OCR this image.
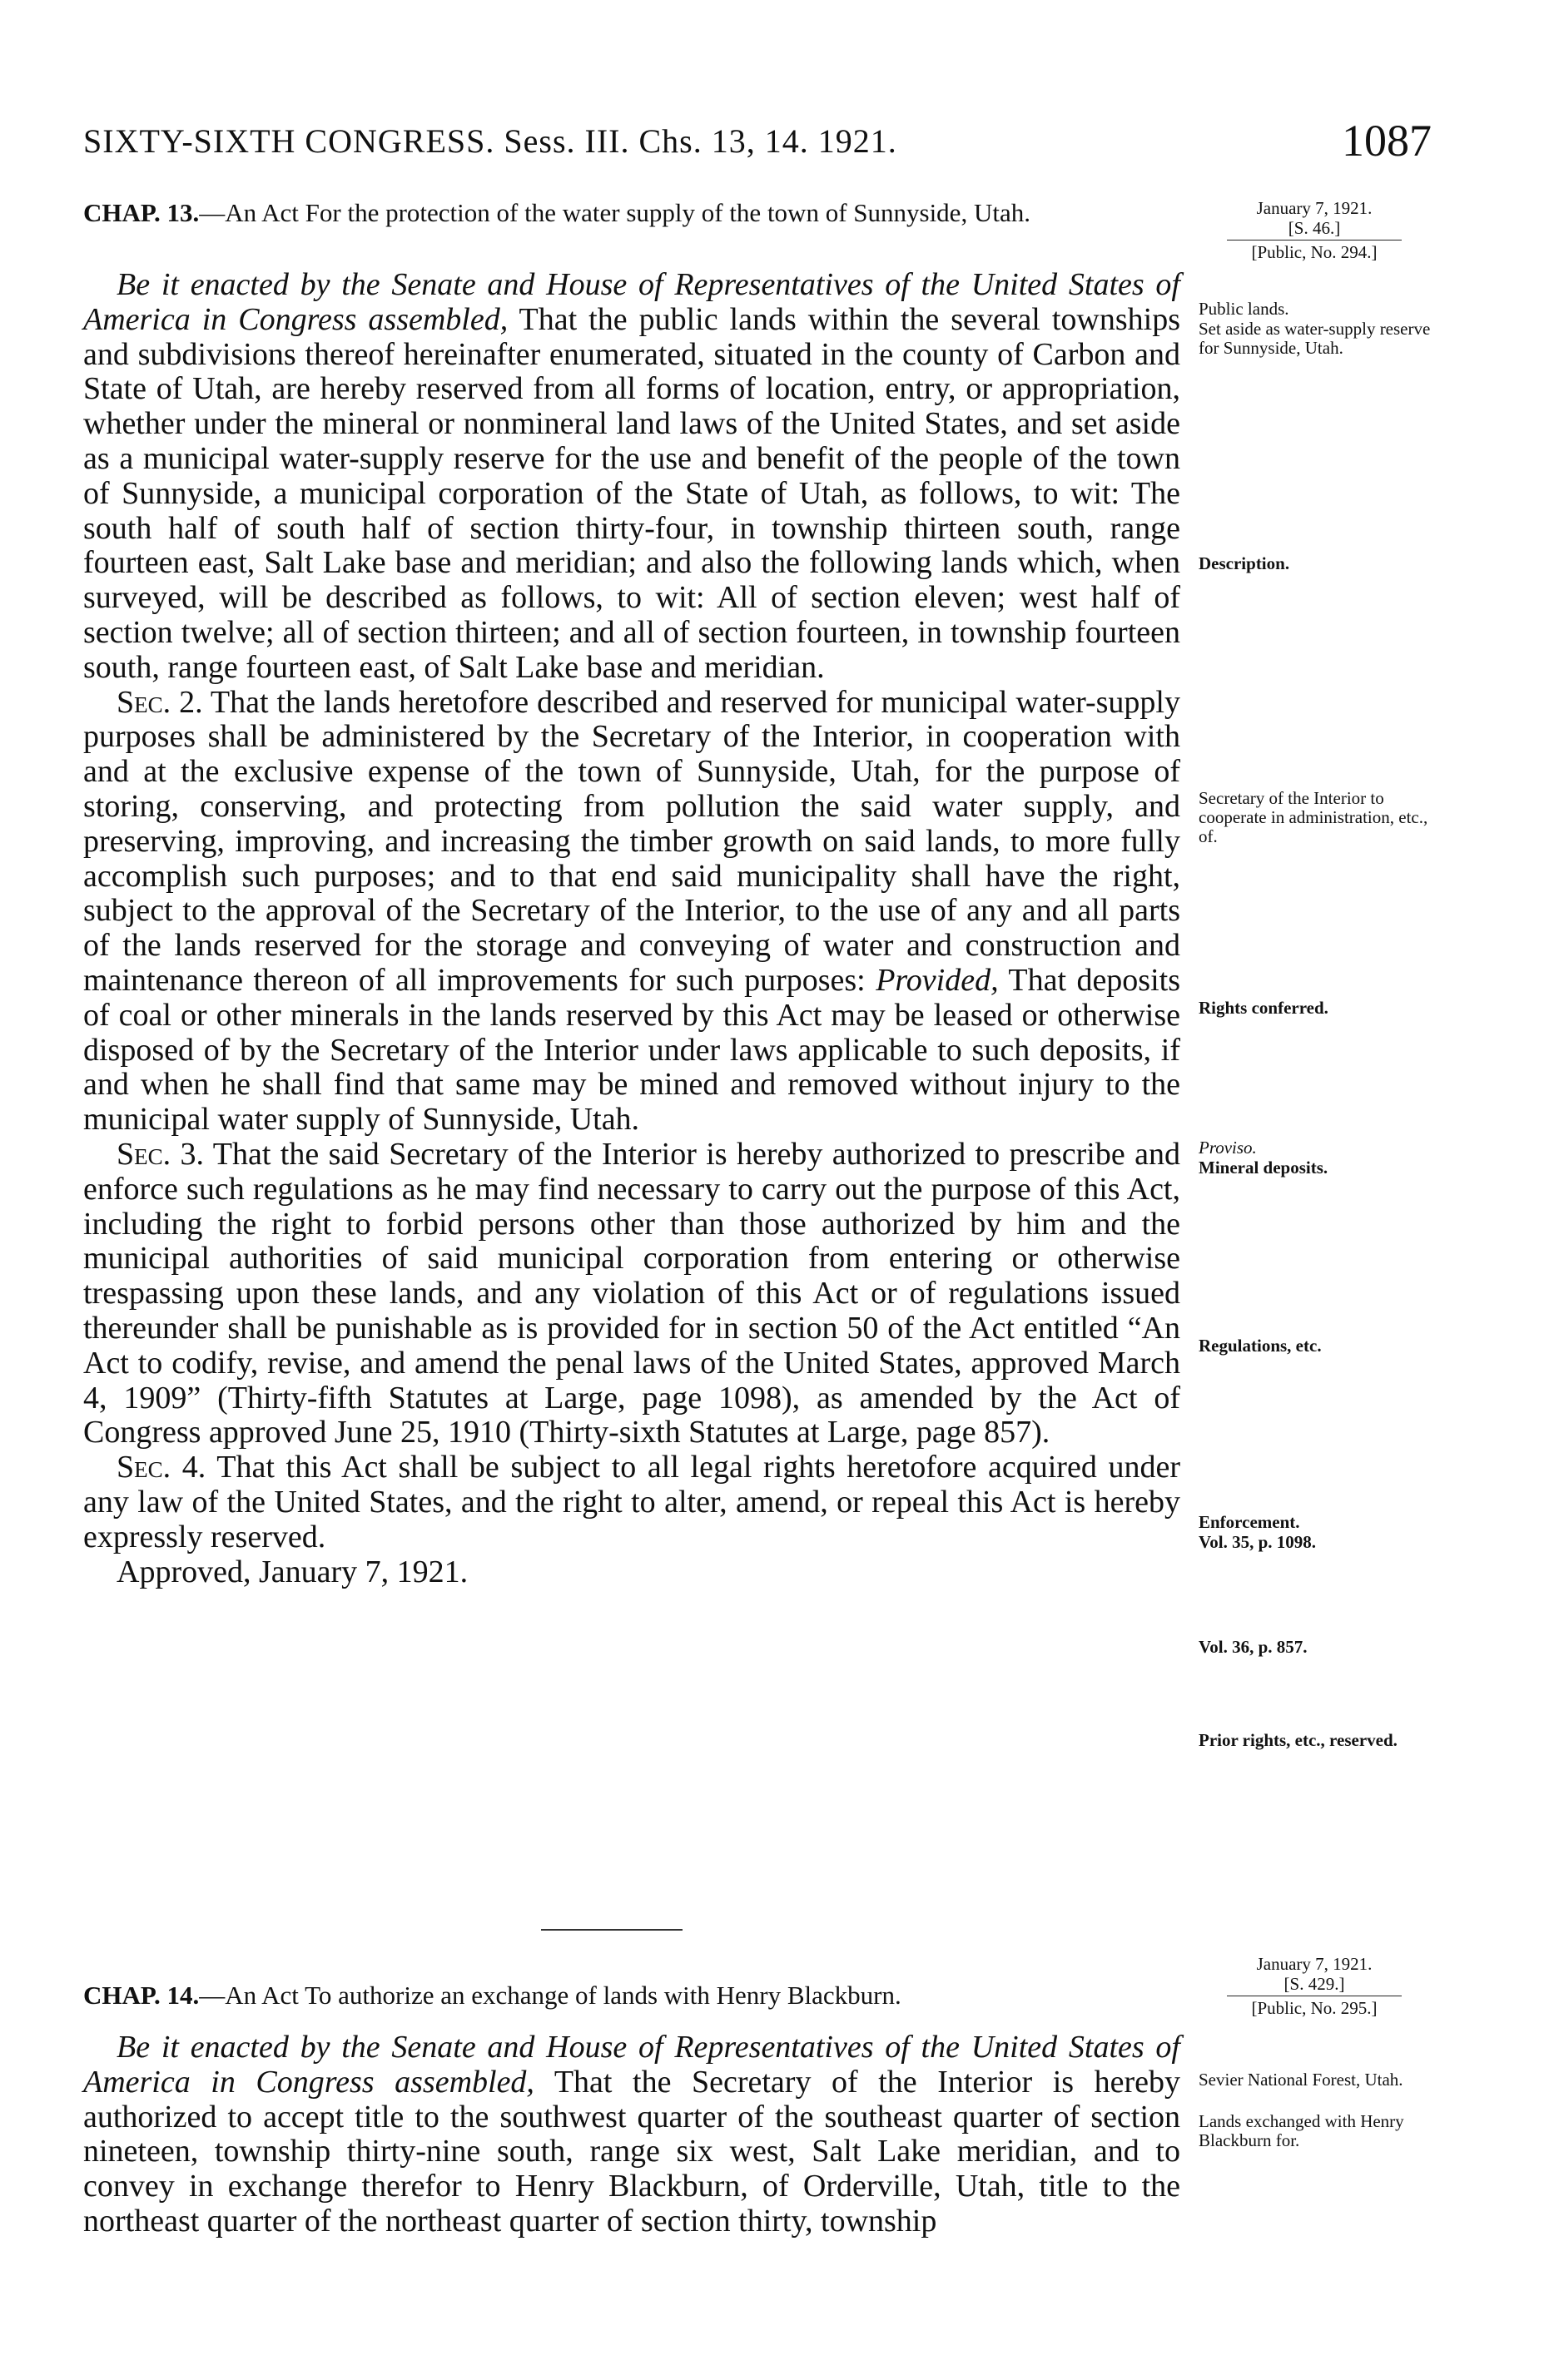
SIXTY-SIXTH CONGRESS. Sess. III. Chs. 13, 14. 1921.	1087
CHAP. 13.—An Act For the protection of the water supply of the town of Sunnyside, Utah.	January 7, 1921.
[S. 46.]
[Public, No. 294.]

Be it enacted by the Senate and House of Representatives of the United States of America in Congress assembled, That the public lands within the several townships and subdivisions thereof hereinafter enumerated, situated in the county of Carbon and State of Utah, are hereby reserved from all forms of location, entry, or appropriation, whether under the mineral or nonmineral land laws of the United States, and set aside as a municipal water-supply reserve for the use and benefit of the people of the town of Sunnyside, a municipal corporation of the State of Utah, as follows, to wit: The south half of south half of section thirty-four, in township thirteen south, range fourteen east, Salt Lake base and meridian; and also the following lands which, when surveyed, will be described as follows, to wit: All of section eleven; west half of section twelve; all of section thirteen; and all of section fourteen, in township fourteen south, range fourteen east, of Salt Lake base and meridian.

Sec. 2. That the lands heretofore described and reserved for municipal water-supply purposes shall be administered by the Secretary of the Interior, in cooperation with and at the exclusive expense of the town of Sunnyside, Utah, for the purpose of storing, conserving, and protecting from pollution the said water supply, and preserving, improving, and increasing the timber growth on said lands, to more fully accomplish such purposes; and to that end said municipality shall have the right, subject to the approval of the Secretary of the Interior, to the use of any and all parts of the lands reserved for the storage and conveying of water and construction and maintenance thereon of all improvements for such purposes: Provided, That deposits of coal or other minerals in the lands reserved by this Act may be leased or otherwise disposed of by the Secretary of the Interior under laws applicable to such deposits, if and when he shall find that same may be mined and removed without injury to the municipal water supply of Sunnyside, Utah.

Sec. 3. That the said Secretary of the Interior is hereby authorized to prescribe and enforce such regulations as he may find necessary to carry out the purpose of this Act, including the right to forbid persons other than those authorized by him and the municipal authorities of said municipal corporation from entering or otherwise trespassing upon these lands, and any violation of this Act or of regulations issued thereunder shall be punishable as is provided for in section 50 of the Act entitled “An Act to codify, revise, and amend the penal laws of the United States, approved March 4, 1909” (Thirty-fifth Statutes at Large, page 1098), as amended by the Act of Congress approved June 25, 1910 (Thirty-sixth Statutes at Large, page 857).

Sec. 4. That this Act shall be subject to all legal rights heretofore acquired under any law of the United States, and the right to alter, amend, or repeal this Act is hereby expressly reserved.

Approved, January 7, 1921.
Public lands.
Set aside as water-supply reserve for Sunnyside, Utah.
Description.
Secretary of the Interior to cooperate in administration, etc., of.
Rights conferred.
Proviso.
Mineral deposits.
Regulations, etc.
Enforcement.
Vol. 35, p. 1098.
Vol. 36, p. 857.
Prior rights, etc., reserved.
January 7, 1921.
[S. 429.]
[Public, No. 295.]
CHAP. 14.—An Act To authorize an exchange of lands with Henry Blackburn.

Be it enacted by the Senate and House of Representatives of the United States of America in Congress assembled, That the Secretary of the Interior is hereby authorized to accept title to the southwest quarter of the southeast quarter of section nineteen, township thirty-nine south, range six west, Salt Lake meridian, and to convey in exchange therefor to Henry Blackburn, of Orderville, Utah, title to the northeast quarter of the northeast quarter of section thirty, township

Sevier National Forest, Utah.
Lands exchanged with Henry Blackburn for.
